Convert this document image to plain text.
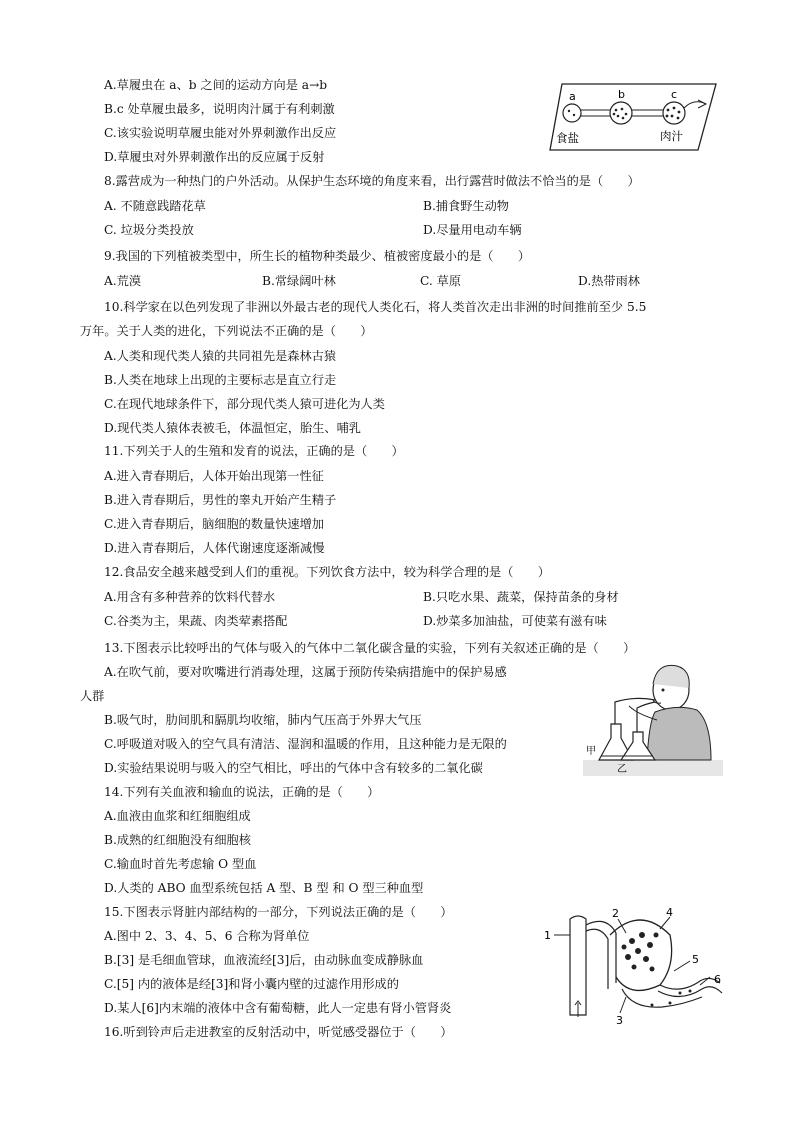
A.草履虫在 a、b 之间的运动方向是 a→b
B.c 处草履虫最多，说明肉汁属于有利刺激
C.该实验说明草履虫能对外界刺激作出反应
D.草履虫对外界刺激作出的反应属于反射
a	b	c
食盐	肉汁
8.露营成为一种热门的户外活动。从保护生态环境的角度来看，出行露营时做法不恰当的是（　　）
A. 不随意践踏花草	B.捕食野生动物
C. 垃圾分类投放	D.尽量用电动车辆
9.我国的下列植被类型中，所生长的植物种类最少、植被密度最小的是（　　）
A.荒漠	B.常绿阔叶林	C. 草原	D.热带雨林
10.科学家在以色列发现了非洲以外最古老的现代人类化石，将人类首次走出非洲的时间推前至少 5.5
万年。关于人类的进化，下列说法不正确的是（　　）
A.人类和现代类人猿的共同祖先是森林古猿
B.人类在地球上出现的主要标志是直立行走
C.在现代地球条件下，部分现代类人猿可进化为人类
D.现代类人猿体表被毛，体温恒定，胎生、哺乳
11.下列关于人的生殖和发育的说法，正确的是（　　）
A.进入青春期后，人体开始出现第一性征
B.进入青春期后，男性的睾丸开始产生精子
C.进入青春期后，脑细胞的数量快速增加
D.进入青春期后，人体代谢速度逐渐减慢
12.食品安全越来越受到人们的重视。下列饮食方法中，较为科学合理的是（　　）
A.用含有多种营养的饮料代替水	B.只吃水果、蔬菜，保持苗条的身材
C.谷类为主，果蔬、肉类荤素搭配	D.炒菜多加油盐，可使菜有滋有味
13.下图表示比较呼出的气体与吸入的气体中二氧化碳含量的实验，下列有关叙述正确的是（　　）
A.在吹气前，要对吹嘴进行消毒处理，这属于预防传染病措施中的保护易感
人群
B.吸气时，肋间肌和膈肌均收缩，肺内气压高于外界大气压
C.呼吸道对吸入的空气具有清洁、湿润和温暖的作用，且这种能力是无限的
D.实验结果说明与吸入的空气相比，呼出的气体中含有较多的二氧化碳
甲
乙
14.下列有关血液和输血的说法，正确的是（　　）
A.血液由血浆和红细胞组成
B.成熟的红细胞没有细胞核
C.输血时首先考虑输 O 型血
D.人类的 ABO 血型系统包括 A 型、B 型 和 O 型三种血型
15.下图表示肾脏内部结构的一部分，下列说法正确的是（　　）
A.图中 2、3、4、5、6 合称为肾单位
B.[3] 是毛细血管球，血液流经[3]后，由动脉血变成静脉血
C.[5] 内的液体是经[3]和肾小囊内壁的过滤作用形成的
D.某人[6]内末端的液体中含有葡萄糖，此人一定患有肾小管肾炎
1
2	4
5
6
3
16.听到铃声后走进教室的反射活动中，听觉感受器位于（　　）
